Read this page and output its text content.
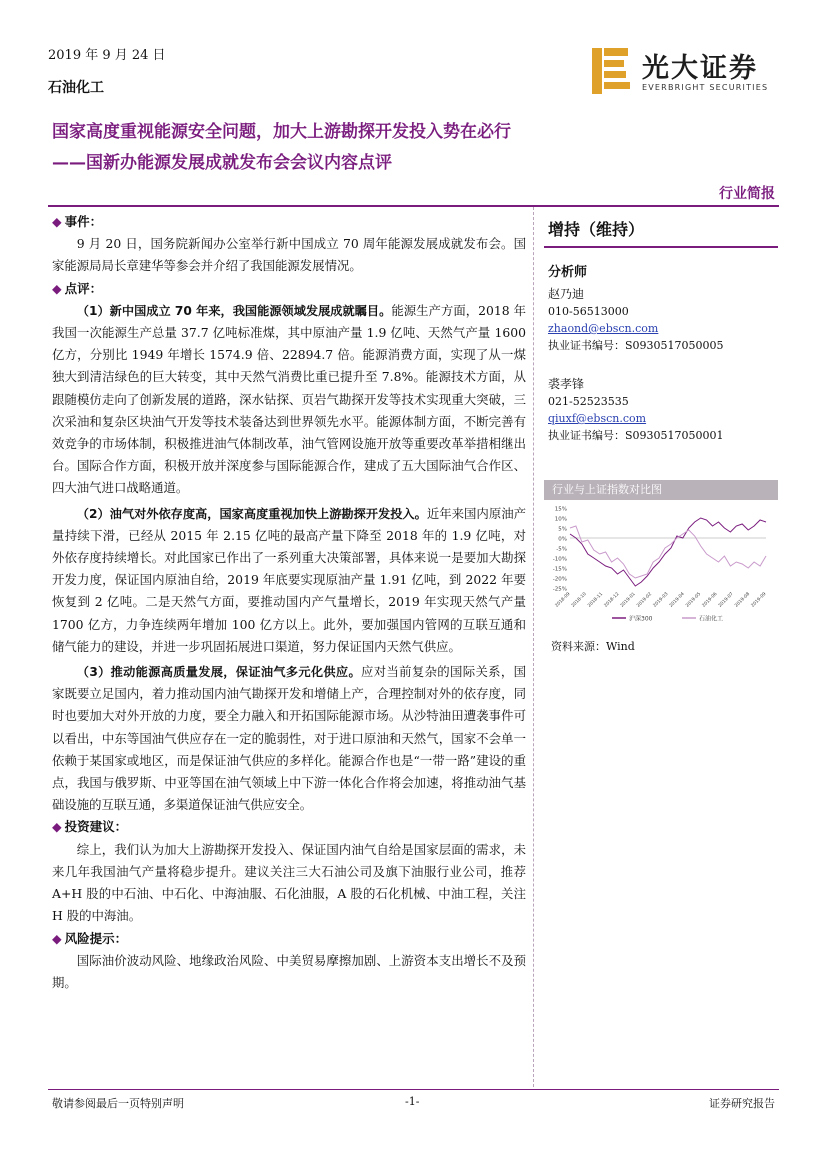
2019 年 9 月 24 日
石油化工
光大证券
EVERBRIGHT SECURITIES
国家高度重视能源安全问题，加大上游勘探开发投入势在必行
——国新办能源发展成就发布会会议内容点评
行业简报
◆ 事件：

9 月 20 日，国务院新闻办公室举行新中国成立 70 周年能源发展成就发布会。国家能源局局长章建华等参会并介绍了我国能源发展情况。

◆ 点评：

（1）新中国成立 70 年来，我国能源领域发展成就瞩目。能源生产方面，2018 年我国一次能源生产总量 37.7 亿吨标准煤，其中原油产量 1.9 亿吨、天然气产量 1600 亿方，分别比 1949 年增长 1574.9 倍、22894.7 倍。能源消费方面，实现了从一煤独大到清洁绿色的巨大转变，其中天然气消费比重已提升至 7.8%。能源技术方面，从跟随模仿走向了创新发展的道路，深水钻探、页岩气勘探开发等技术实现重大突破，三次采油和复杂区块油气开发等技术装备达到世界领先水平。能源体制方面，不断完善有效竞争的市场体制，积极推进油气体制改革，油气管网设施开放等重要改革举措相继出台。国际合作方面，积极开放并深度参与国际能源合作，建成了五大国际油气合作区、四大油气进口战略通道。

（2）油气对外依存度高，国家高度重视加快上游勘探开发投入。近年来国内原油产量持续下滑，已经从 2015 年 2.15 亿吨的最高产量下降至 2018 年的 1.9 亿吨，对外依存度持续增长。对此国家已作出了一系列重大决策部署，具体来说一是要加大勘探开发力度，保证国内原油自给，2019 年底要实现原油产量 1.91 亿吨，到 2022 年要恢复到 2 亿吨。二是天然气方面，要推动国内产气量增长，2019 年实现天然气产量 1700 亿方，力争连续两年增加 100 亿方以上。此外，要加强国内管网的互联互通和储气能力的建设，并进一步巩固拓展进口渠道，努力保证国内天然气供应。

（3）推动能源高质量发展，保证油气多元化供应。应对当前复杂的国际关系，国家既要立足国内，着力推动国内油气勘探开发和增储上产，合理控制对外的依存度，同时也要加大对外开放的力度，要全力融入和开拓国际能源市场。从沙特油田遭袭事件可以看出，中东等国油气供应存在一定的脆弱性，对于进口原油和天然气，国家不会单一依赖于某国家或地区，而是保证油气供应的多样化。能源合作也是“一带一路”建设的重点，我国与俄罗斯、中亚等国在油气领域上中下游一体化合作将会加速，将推动油气基础设施的互联互通，多渠道保证油气供应安全。

◆ 投资建议：

综上，我们认为加大上游勘探开发投入、保证国内油气自给是国家层面的需求，未来几年我国油气产量将稳步提升。建议关注三大石油公司及旗下油服行业公司，推荐 A+H 股的中石油、中石化、中海油服、石化油服，A 股的石化机械、中油工程，关注 H 股的中海油。

◆ 风险提示：

国际油价波动风险、地缘政治风险、中美贸易摩擦加剧、上游资本支出增长不及预期。

增持（维持）
分析师
赵乃迪
010-56513000
zhaond@ebscn.com
执业证书编号：S0930517050005
裘孝锋
021-52523535
qiuxf@ebscn.com
执业证书编号：S0930517050001
行业与上证指数对比图
15%
10%
5%
0%
-5%
-10%
-15%
-20%
-25%
2018-09 2018-10 2018-11 2018-12 2019-01 2019-02 2019-03 2019-04 2019-05 2019-06 2019-07 2019-08 2019-09
沪深300	石油化工
资料来源：Wind
敬请参阅最后一页特别声明	-1-	证券研究报告
